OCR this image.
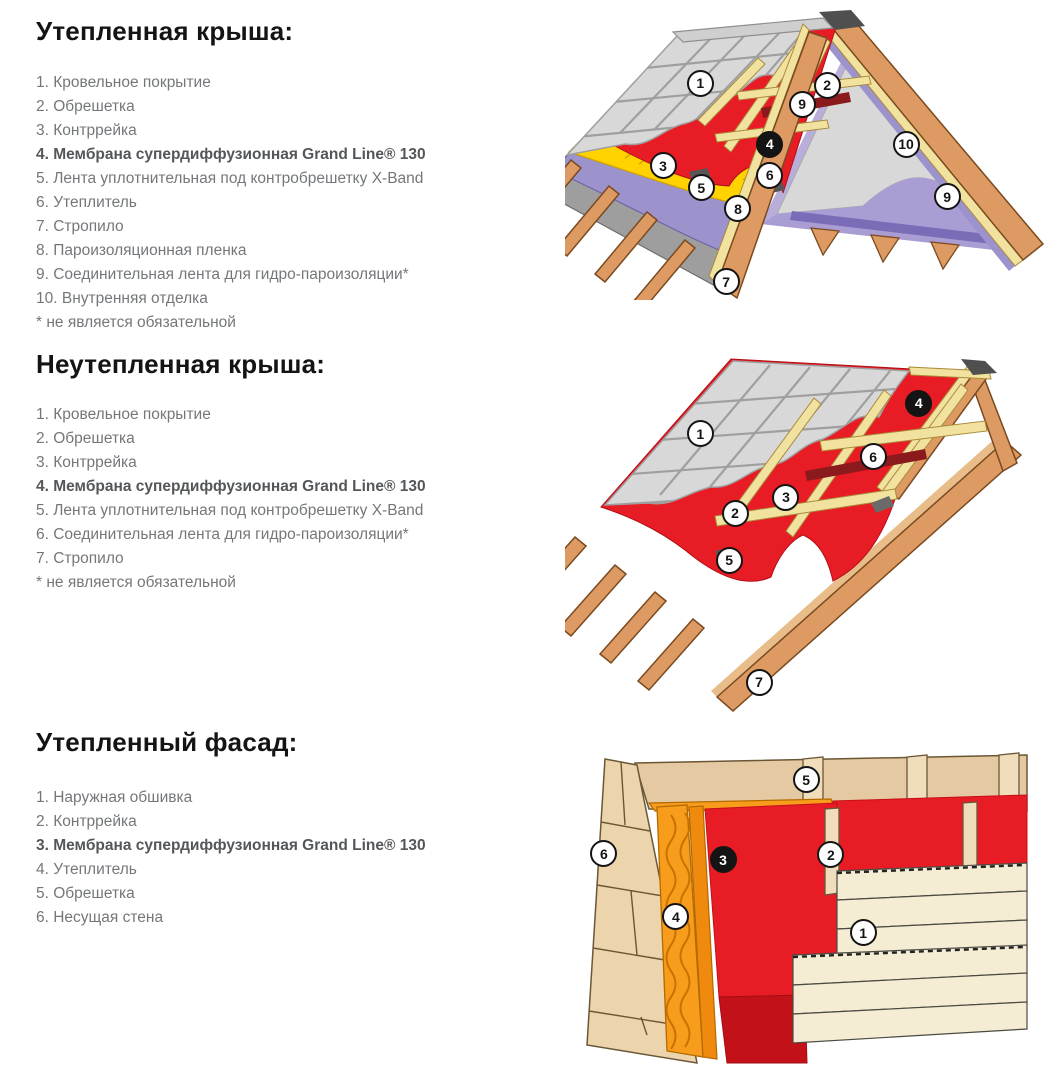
Утепленная крыша:
1. Кровельное покрытие
2. Обрешетка
3. Контррейка
4. Мембрана супердиффузионная Grand Line® 130
5. Лента уплотнительная под контробрешетку X-Band
6. Утеплитель
7. Стропило
8. Пароизоляционная пленка
9. Соединительная лента для гидро-пароизоляции*
10. Внутренняя отделка
* не является обязательной
Неутепленная крыша:
1. Кровельное покрытие
2. Обрешетка
3. Контррейка
4. Мембрана супердиффузионная Grand Line® 130
5. Лента уплотнительная под контробрешетку X-Band
6. Соединительная лента для гидро-пароизоляции*
7. Стропило
* не является обязательной
Утепленный фасад:
1. Наружная обшивка
2. Контррейка
3. Мембрана супердиффузионная Grand Line® 130
4. Утеплитель
5. Обрешетка
6. Несущая стена
1	2
9
4
3
6
5
8
10
9
7
1
4
6
3
2
5
7
5
6	3	2
4
1
